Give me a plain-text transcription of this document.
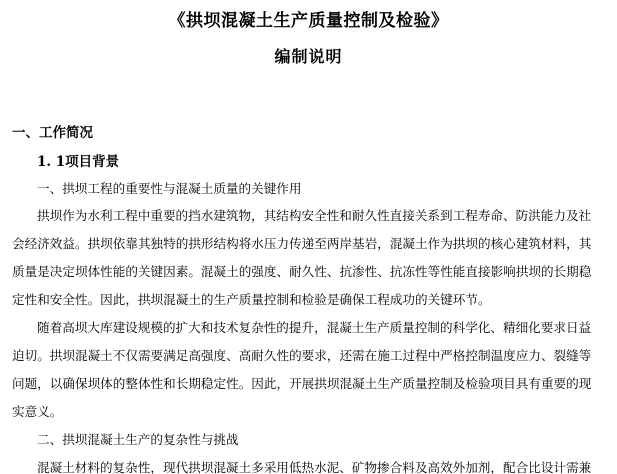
《拱坝混凝土生产质量控制及检验》
编制说明
一、工作简况
1. 1项目背景
一、拱坝工程的重要性与混凝土质量的关键作用
拱坝作为水利工程中重要的挡水建筑物，其结构安全性和耐久性直接关系到工程寿命、防洪能力及社
会经济效益。拱坝依靠其独特的拱形结构将水压力传递至两岸基岩，混凝土作为拱坝的核心建筑材料，其
质量是决定坝体性能的关键因素。混凝土的强度、耐久性、抗渗性、抗冻性等性能直接影响拱坝的长期稳
定性和安全性。因此，拱坝混凝土的生产质量控制和检验是确保工程成功的关键环节。
随着高坝大库建设规模的扩大和技术复杂性的提升，混凝土生产质量控制的科学化、精细化要求日益
迫切。拱坝混凝土不仅需要满足高强度、高耐久性的要求，还需在施工过程中严格控制温度应力、裂缝等
问题，以确保坝体的整体性和长期稳定性。因此，开展拱坝混凝土生产质量控制及检验项目具有重要的现
实意义。
二、拱坝混凝土生产的复杂性与挑战
混凝土材料的复杂性，现代拱坝混凝土多采用低热水泥、矿物掺合料及高效外加剂，配合比设计需兼
